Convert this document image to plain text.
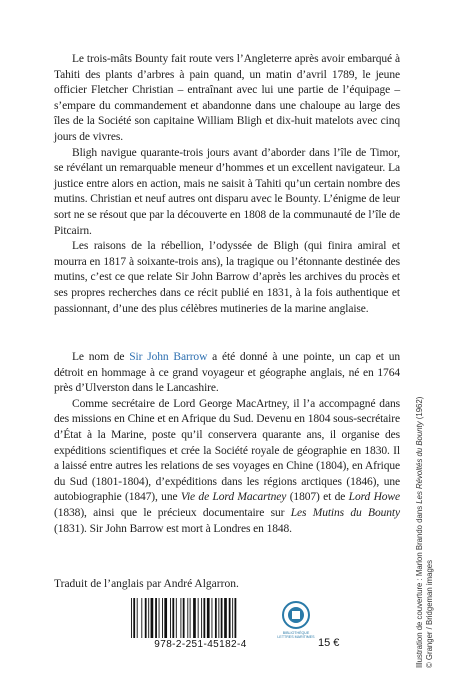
Le trois-mâts Bounty fait route vers l’Angleterre après avoir embarqué à Tahiti des plants d’arbres à pain quand, un matin d’avril 1789, le jeune officier Fletcher Christian – entraînant avec lui une partie de l’équipage – s’empare du commandement et abandonne dans une chaloupe au large des îles de la Société son capitaine William Bligh et dix-huit matelots avec cinq jours de vivres.

Bligh navigue quarante-trois jours avant d’aborder dans l’île de Timor, se révélant un remarquable meneur d’hommes et un excellent navigateur. La justice entre alors en action, mais ne saisit à Tahiti qu’un certain nombre des mutins. Christian et neuf autres ont disparu avec le Bounty. L’énigme de leur sort ne se résout que par la découverte en 1808 de la communauté de l’île de Pitcairn.

Les raisons de la rébellion, l’odyssée de Bligh (qui finira amiral et mourra en 1817 à soixante-trois ans), la tragique ou l’étonnante destinée des mutins, c’est ce que relate Sir John Barrow d’après les archives du procès et ses propres recherches dans ce récit publié en 1831, à la fois authentique et passionnant, d’une des plus célèbres mutineries de la marine anglaise.

Le nom de Sir John Barrow a été donné à une pointe, un cap et un détroit en hommage à ce grand voyageur et géographe anglais, né en 1764 près d’Ulverston dans le Lancashire.

Comme secrétaire de Lord George MacArtney, il l’a accompagné dans des missions en Chine et en Afrique du Sud. Devenu en 1804 sous-secrétaire d’État à la Marine, poste qu’il conservera quarante ans, il organise des expéditions scientifiques et crée la Société royale de géographie en 1830. Il a laissé entre autres les relations de ses voyages en Chine (1804), en Afrique du Sud (1801-1804), d’expéditions dans les régions arctiques (1846), une autobiographie (1847), une Vie de Lord Macartney (1807) et de Lord Howe (1838), ainsi que le précieux documentaire sur Les Mutins du Bounty (1831). Sir John Barrow est mort à Londres en 1848.

Traduit de l’anglais par André Algarron.	Illustration de couverture : Marlon Brando dans Les Révoltés du Bounty (1962)
© Granger / Bridgeman images
978-2-251-45182-4
BIBLIOTHÈQUE LETTRES MARITIMES 15 €
